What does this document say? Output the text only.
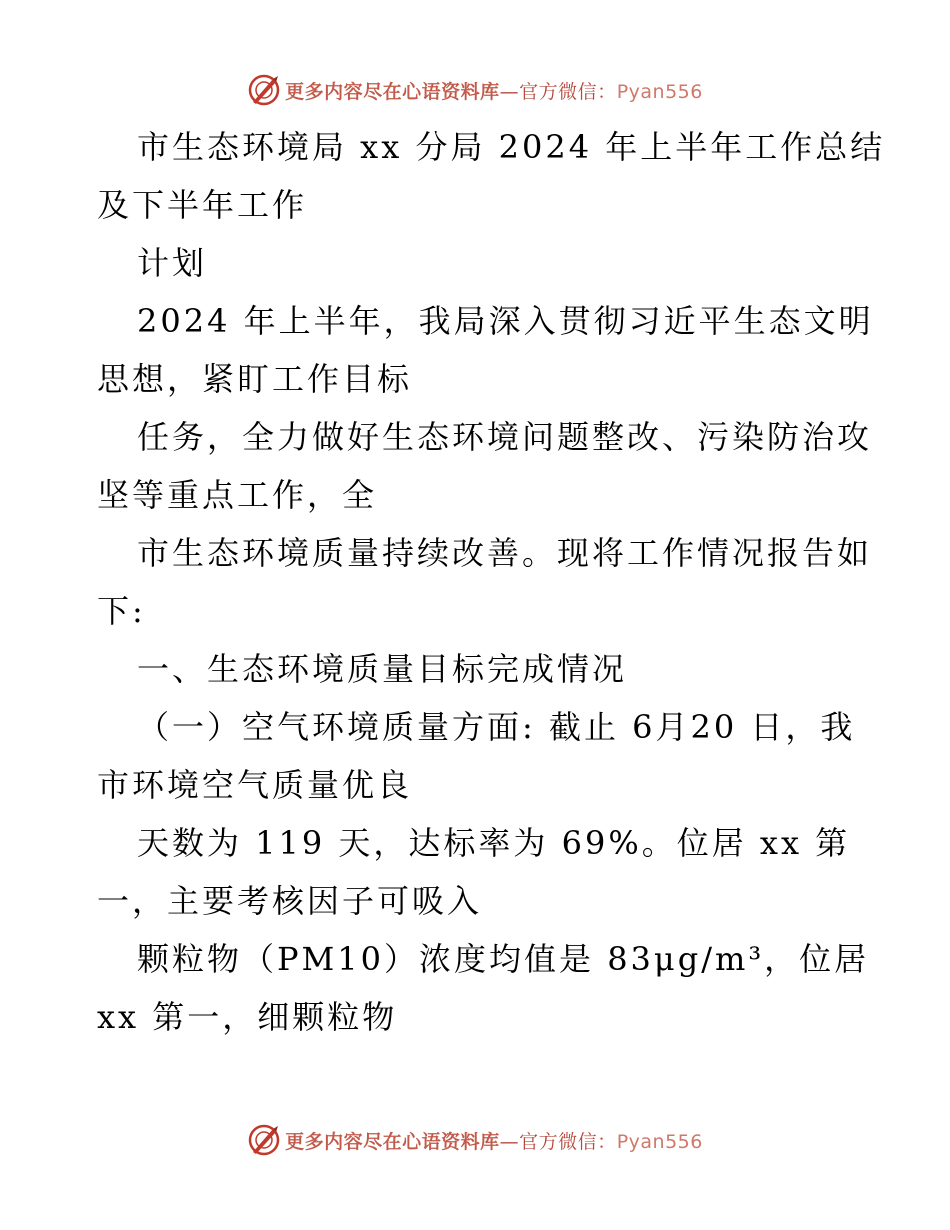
更多内容尽在心语资料库—官方微信：Pyan556

市生态环境局 xx 分局 2024 年上半年工作总结

及下半年工作

计划

2024 年上半年，我局深入贯彻习近平生态文明

思想，紧盯工作目标

任务，全力做好生态环境问题整改、污染防治攻

坚等重点工作，全

市生态环境质量持续改善。现将工作情况报告如

下:

一、生态环境质量目标完成情况

（一）空气环境质量方面: 截止 6月20 日，我

市环境空气质量优良

天数为 119 天，达标率为 69%。位居 xx 第

一，主要考核因子可吸入

颗粒物（PM10）浓度均值是 83μg/m³，位居

xx 第一，细颗粒物

更多内容尽在心语资料库—官方微信：Pyan556
